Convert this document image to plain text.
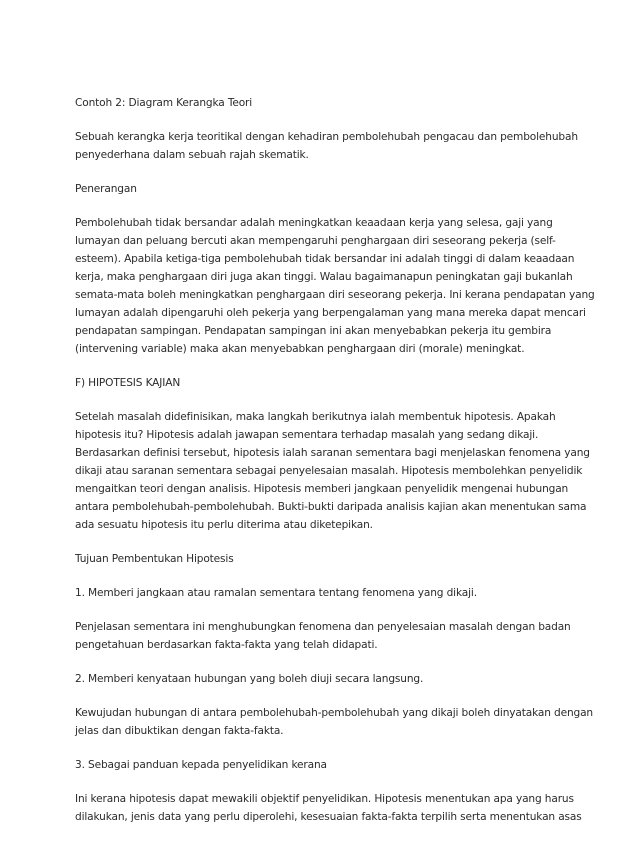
Contoh 2: Diagram Kerangka Teori
Sebuah kerangka kerja teoritikal dengan kehadiran pembolehubah pengacau dan pembolehubah
penyederhana dalam sebuah rajah skematik.
Penerangan
Pembolehubah tidak bersandar adalah meningkatkan keaadaan kerja yang selesa, gaji yang
lumayan dan peluang bercuti akan mempengaruhi penghargaan diri seseorang pekerja (self-
esteem). Apabila ketiga-tiga pembolehubah tidak bersandar ini adalah tinggi di dalam keaadaan
kerja, maka penghargaan diri juga akan tinggi. Walau bagaimanapun peningkatan gaji bukanlah
semata-mata boleh meningkatkan penghargaan diri seseorang pekerja. Ini kerana pendapatan yang
lumayan adalah dipengaruhi oleh pekerja yang berpengalaman yang mana mereka dapat mencari
pendapatan sampingan. Pendapatan sampingan ini akan menyebabkan pekerja itu gembira
(intervening variable) maka akan menyebabkan penghargaan diri (morale) meningkat.
F) HIPOTESIS KAJIAN
Setelah masalah didefinisikan, maka langkah berikutnya ialah membentuk hipotesis. Apakah
hipotesis itu? Hipotesis adalah jawapan sementara terhadap masalah yang sedang dikaji.
Berdasarkan definisi tersebut, hipotesis ialah saranan sementara bagi menjelaskan fenomena yang
dikaji atau saranan sementara sebagai penyelesaian masalah. Hipotesis membolehkan penyelidik
mengaitkan teori dengan analisis. Hipotesis memberi jangkaan penyelidik mengenai hubungan
antara pembolehubah-pembolehubah. Bukti-bukti daripada analisis kajian akan menentukan sama
ada sesuatu hipotesis itu perlu diterima atau diketepikan.
Tujuan Pembentukan Hipotesis
1. Memberi jangkaan atau ramalan sementara tentang fenomena yang dikaji.
Penjelasan sementara ini menghubungkan fenomena dan penyelesaian masalah dengan badan
pengetahuan berdasarkan fakta-fakta yang telah didapati.
2. Memberi kenyataan hubungan yang boleh diuji secara langsung.
Kewujudan hubungan di antara pembolehubah-pembolehubah yang dikaji boleh dinyatakan dengan
jelas dan dibuktikan dengan fakta-fakta.
3. Sebagai panduan kepada penyelidikan kerana
Ini kerana hipotesis dapat mewakili objektif penyelidikan. Hipotesis menentukan apa yang harus
dilakukan, jenis data yang perlu diperolehi, kesesuaian fakta-fakta terpilih serta menentukan asas
